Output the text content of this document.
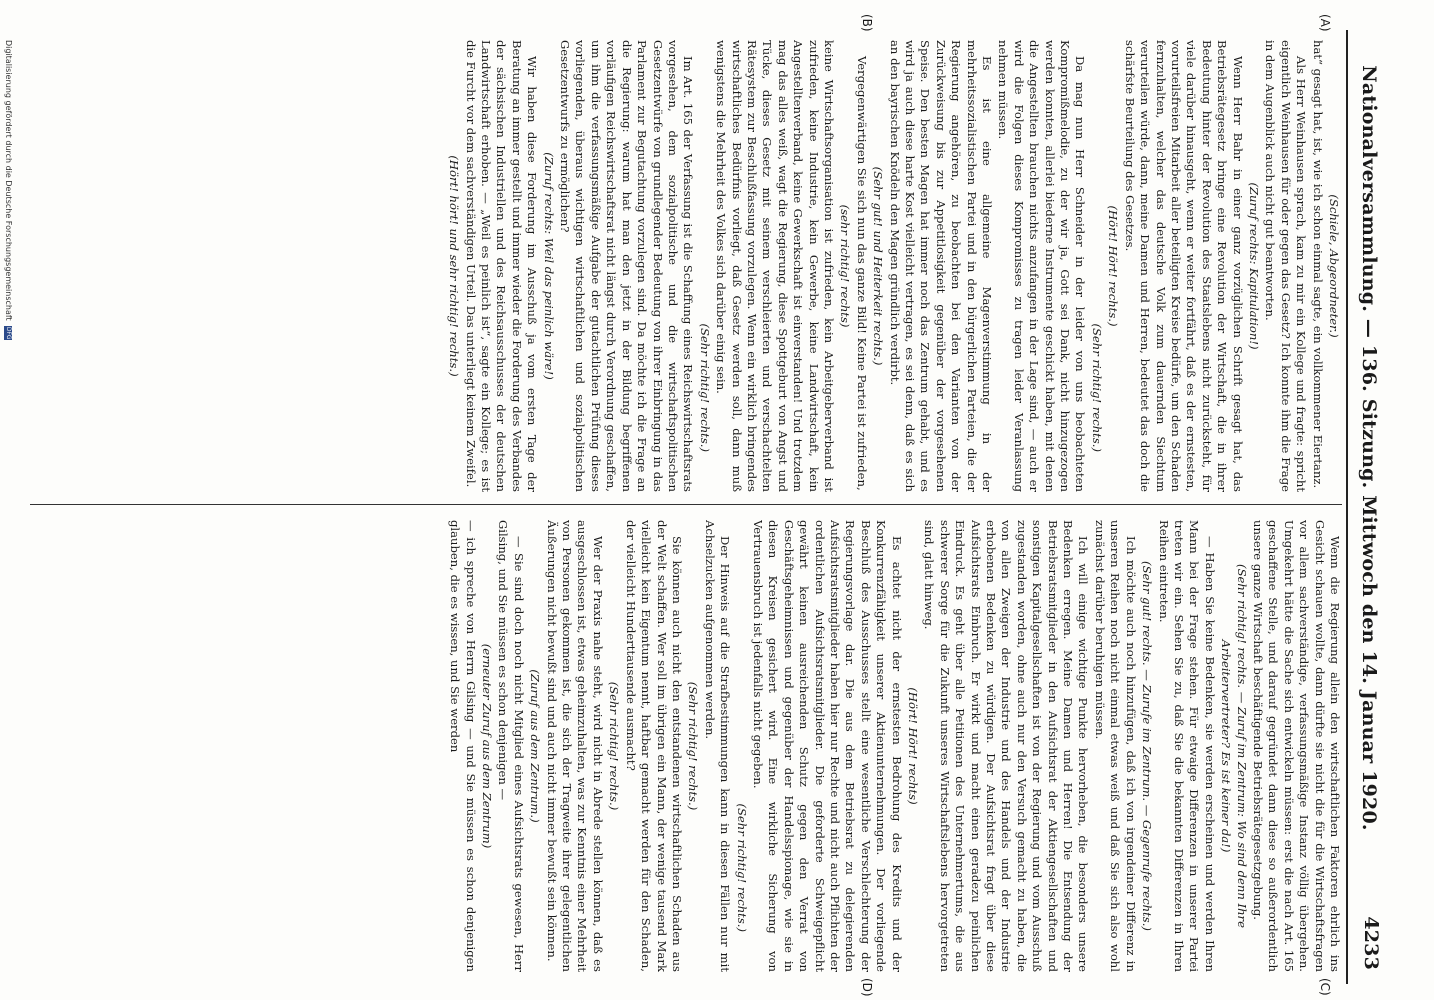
Nationalversammlung. — 136. Sitzung. Mittwoch den 14. Januar 1920.
4233
(A)
(B)
(C)
(D)

(Schiele, Abgeordneter.)

hat“ gesagt hat, ist, wie ich schon einmal sagte, ein vollkommener Eiertanz.

Als Herr Weinhausen sprach, kam zu mir ein Kollege und fragte: spricht eigentlich Weinhausen für oder gegen das Gesetz? Ich konnte ihm die Frage in dem Augenblick auch nicht gut beantworten.

(Zuruf rechts: Kapitulation!)

Wenn Herr Bahr in einer ganz vorzüglichen Schrift gesagt hat, das Betriebsrätegesetz bringe eine Revolution der Wirtschaft, die in ihrer Bedeutung hinter der Revolution des Staatslebens nicht zurücksteht, für viele darüber hinausgeht, wenn er weiter fortfährt, daß es der ernstesten, vorurteilsfreien Mitarbeit aller beteiligten Kreise bedürfe, um den Schaden fernzuhalten, welcher das deutsche Volk zum dauernden Siechtum verurteilen würde, dann, meine Damen und Herren, bedeutet das doch die schärfste Beurteilung des Gesetzes.

(Hört! Hört! rechts.)

(Sehr richtig! rechts.)

Da mag nun Herr Schneider in der leider von uns beobachteten Kompromißmelodie, zu der wir ja, Gott sei Dank, nicht hinzugezogen werden konnten, allerlei biederne Instrumente geschickt haben, mit denen die Angestellten brauchen nichts anzufangen in der Lage sind, — auch er wird die Folgen dieses Kompromisses zu tragen leider Veranlassung nehmen müssen.

Es ist eine allgemeine Magenverstimmung in der mehrheitssozialistischen Partei und in den bürgerlichen Parteien, die der Regierung angehören, zu beobachten bei den Varianten von der Zurückweisung bis zur Appetitlosigkeit gegenüber der vorgesehenen Speise. Den besten Magen hat immer noch das Zentrum gehabt, und es wird ja auch diese harte Kost vielleicht vertragen, es sei denn, daß es sich an den bayrischen Knödeln den Magen gründlich verdirbt.

(Sehr gut! und Heiterkeit rechts.)

Vergegenwärtigen Sie sich nun das ganze Bild! Keine Partei ist zufrieden,

(sehr richtig! rechts)

keine Wirtschaftsorganisation ist zufrieden, kein Arbeitgeberverband ist zufrieden, keine Industrie, kein Gewerbe, keine Landwirtschaft, kein Angestelltenverband, keine Gewerkschaft ist einverstanden! Und trotzdem mag das alles weiß, wagt die Regierung, diese Spottgeburt von Angst und Tücke, dieses Gesetz mit seinem verschleierten und verschachtelten Rätesystem zur Beschlußfassung vorzulegen. Wenn ein wirklich bringendes wirtschaftliches Bedürfnis vorliegt, daß Gesetz werden soll, dann muß wenigstens die Mehrheit des Volkes sich darüber einig sein.

(Sehr richtig! rechts.)

Im Art. 165 der Verfassung ist die Schaffung eines Reichswirtschaftsrats vorgesehen, dem sozialpolitische und die wirtschaftspolitischen Gesetzentwürfe von grundlegender Bedeutung von ihrer Einbringung in das Parlament zur Begutachtung vorzulegen sind. Da möchte ich die Frage an die Regierung: warum hat man den jetzt in der Bildung begriffenen vorläufigen Reichswirtschaftsrat nicht längst durch Verordnung geschaffen, um ihm die verfassungsmäßige Aufgabe der gutachtlichen Prüfung dieses vorliegenden, überaus wichtigen wirtschaftlichen und sozialpolitischen Gesetzentwurfs zu ermöglichen?

(Zuruf rechts: Weil das peinlich wäre!)

Wir haben diese Forderung im Ausschuß ja vom ersten Tage der Beratung an immer gestellt und immer wieder die Forderung des Verbandes der sächsischen Industriellen und des Reichsausschusses der deutschen Landwirtschaft erhoben. — „Weil es peinlich ist“, sagte ein Kollege; es ist die Furcht vor dem sachverständigen Urteil. Das unterliegt keinem Zweifel.

(Hört! hört! und sehr richtig! rechts.)

Wenn die Regierung allein den wirtschaftlichen Faktoren ehrlich ins Gesicht schauen wollte, dann dürfte sie nicht die für die Wirtschaftsfragen vor allem sachverständige, verfassungsmäßige Instanz völlig übergehen. Umgekehrt hätte die Sache sich entwickeln müssen: erst die nach Art. 165 geschaffene Stelle, und darauf gegründet dann diese so außerordentlich unsere ganze Wirtschaft beschäftigende Betriebsrätegesetzgebung.

(Sehr richtig! rechts. — Zuruf im Zentrum: Wo sind denn Ihre Arbeitervertreter? Es ist keiner da!)

— Haben Sie keine Bedenken, sie werden erscheinen und werden Ihren Mann bei der Frage stehen. Für etwaige Differenzen in unserer Partei treten wir ein. Sehen Sie zu, daß Sie die bekannten Differenzen in Ihren Reihen eintreten.

(Sehr gut! rechts. — Zurufe im Zentrum. — Gegenrufe rechts.)

Ich möchte auch noch hinzufügen, daß ich von irgendeiner Differenz in unseren Reihen noch nicht einmal etwas weiß und daß Sie sich also wohl zunächst darüber beruhigen müssen.

Ich will einige wichtige Punkte hervorheben, die besonders unsere Bedenken erregen. Meine Damen und Herren! Die Entsendung der Betriebsratsmitglieder in den Aufsichtsrat der Aktiengesellschaften und sonstigen Kapitalgesellschaften ist von der Regierung und vom Ausschuß zugestanden worden, ohne auch nur den Versuch gemacht zu haben, die von allen Zweigen der Industrie und des Handels und der Industrie erhobenen Bedenken zu würdigen. Der Aufsichtsrat fragt über diese Aufsichtsrats Einbruch. Er wirkt und macht einen geradezu peinlichen Eindruck. Es geht über alle Petitionen des Unternehmertums, die aus schwerer Sorge für die Zukunft unseres Wirtschaftslebens hervorgetreten sind, glatt hinweg.

(Hört! Hört! rechts)

Es achtet nicht der ernstesten Bedrohung des Kredits und der Konkurrenzfähigkeit unserer Aktienunternehmungen. Der vorliegende Beschluß des Ausschusses stellt eine wesentliche Verschlechterung der Regierungsvorlage dar. Die aus dem Betriebsrat zu delegierenden Aufsichtsratsmitglieder haben hier nur Rechte und nicht auch Pflichten der ordentlichen Aufsichtsratsmitglieder. Die geforderte Schweigepflicht gewährt keinen ausreichenden Schutz gegen den Verrat von Geschäftsgeheimnissen und gegenüber der Handelsspionage, wie sie in diesen Kreisen gesichert wird. Eine wirkliche Sicherung von Vertrauensbruch ist jedenfalls nicht gegeben.

(Sehr richtig! rechts.)

Der Hinweis auf die Strafbestimmungen kann in diesen Fällen nur mit Achselzucken aufgenommen werden.

(Sehr richtig! rechts.)

Sie können auch nicht den entstandenen wirtschaftlichen Schaden aus der Welt schaffen. Wer soll im übrigen ein Mann, der wenige tausend Mark vielleicht kein Eigentum nennt, haftbar gemacht werden für den Schaden, der vielleicht Hunderttausende ausmacht?

(Sehr richtig! rechts.)

Wer der Praxis nahe steht, wird nicht in Abrede stellen können, daß es ausgeschlossen ist, etwas geheimzuhalten, was zur Kenntnis einer Mehrheit von Personen gekommen ist, die sich der Tragweite ihrer gelegentlichen Äußerungen nicht bewußt sind und auch nicht immer bewußt sein können.

(Zuruf aus dem Zentrum.)

— Sie sind doch noch nicht Mitglied eines Aufsichtsrats gewesen, Herr Gilsing, und Sie müssen es schon denjenigen —

(erneuter Zuruf aus dem Zentrum)

— ich spreche von Herrn Gilsing — und Sie müssen es schon denjenigen glauben, die es wissen, und Sie werden

Digitalisierung gefördert durch die Deutsche Forschungsgemeinschaft DFG
